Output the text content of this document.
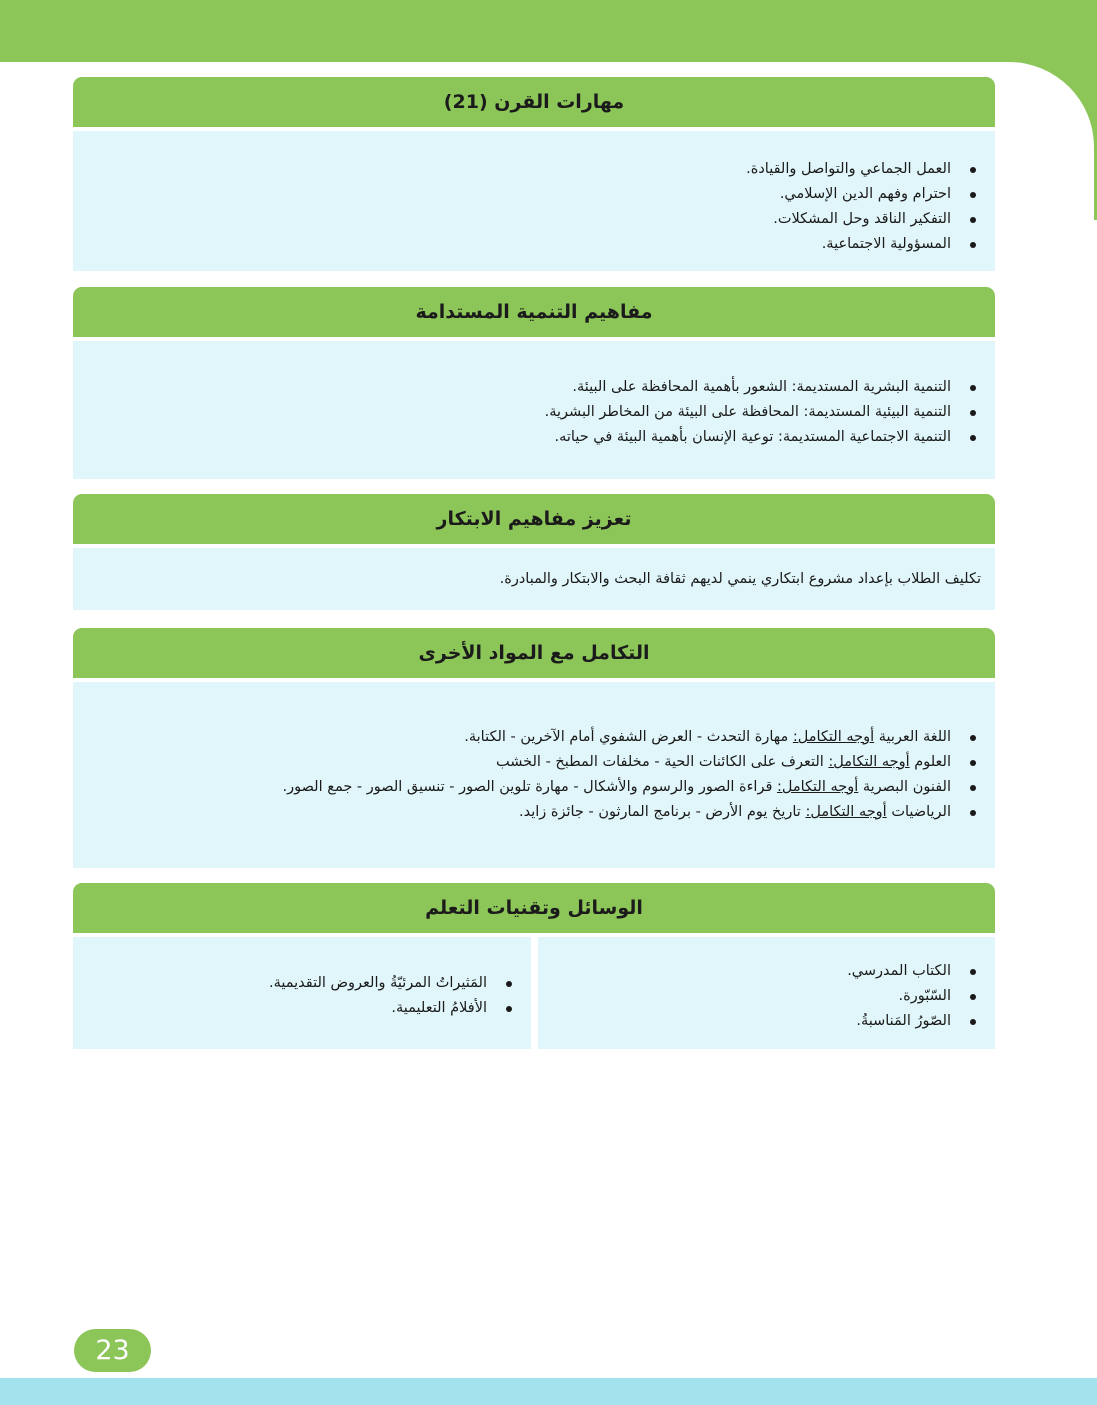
مهارات القرن (21)
العمل الجماعي والتواصل والقيادة.
احترام وفهم الدين الإسلامي.
التفكير الناقد وحل المشكلات.
المسؤولية الاجتماعية.
مفاهيم التنمية المستدامة
التنمية البشرية المستديمة: الشعور بأهمية المحافظة على البيئة.
التنمية البيئية المستديمة: المحافظة على البيئة من المخاطر البشرية.
التنمية الاجتماعية المستديمة: توعية الإنسان بأهمية البيئة في حياته.
تعزيز مفاهيم الابتكار
تكليف الطلاب بإعداد مشروع ابتكاري ينمي لديهم ثقافة البحث والابتكار والمبادرة.
التكامل مع المواد الأخرى
اللغة العربية أوجه التكامل: مهارة التحدث - العرض الشفوي أمام الآخرين - الكتابة.
العلوم أوجه التكامل: التعرف على الكائنات الحية - مخلفات المطبخ - الخشب
الفنون البصرية أوجه التكامل: قراءة الصور والرسوم والأشكال - مهارة تلوين الصور - تنسيق الصور - جمع الصور.
الرياضيات أوجه التكامل: تاريخ يوم الأرض - برنامج المارثون - جائزة زايد.
الوسائل وتقنيات التعلم
الكتاب المدرسي.
السّبّورة.
الصّورُ المَناسبةُ.
المَثيراتُ المرئيّةُ والعروض التقديمية.
الأفلامُ التعليمية.
23
